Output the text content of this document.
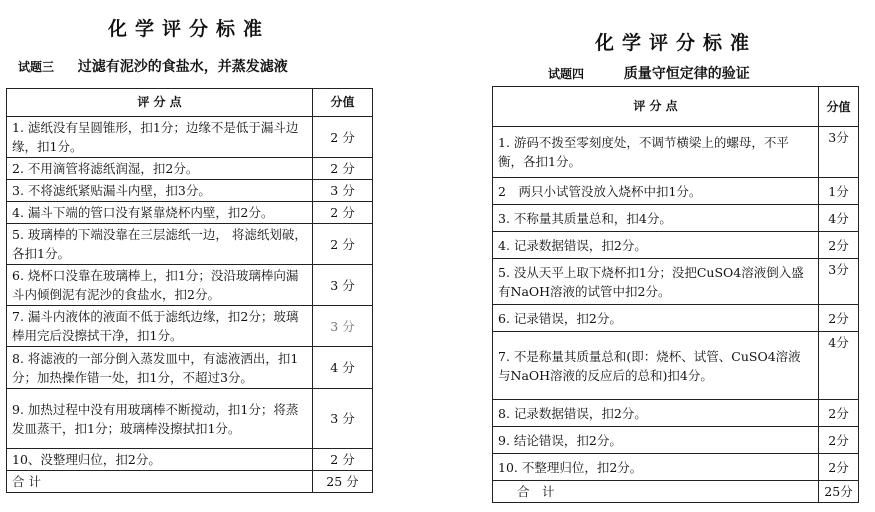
化学评分标准
试题三 过滤有泥沙的食盐水，并蒸发滤液
评 分 点	分值
1. 滤纸没有呈圆锥形，扣1分；边缘不是低于漏斗边缘，扣1分。	2 分
2. 不用滴管将滤纸润湿，扣2分。	2 分
3. 不将滤纸紧贴漏斗内壁，扣3分。	3 分
4. 漏斗下端的管口没有紧靠烧杯内壁，扣2分。	2 分
5. 玻璃棒的下端没靠在三层滤纸一边， 将滤纸划破，各扣1分。	2 分
6. 烧杯口没靠在玻璃棒上，扣1分；没沿玻璃棒向漏斗内倾倒泥有泥沙的食盐水，扣2分。	3 分
7. 漏斗内液体的液面不低于滤纸边缘，扣2分；玻璃棒用完后没擦拭干净，扣1分。	3 分
8. 将滤液的一部分倒入蒸发皿中，有滤液洒出，扣1分；加热操作错一处，扣1分，不超过3分。	4 分
9. 加热过程中没有用玻璃棒不断搅动，扣1分；将蒸发皿蒸干，扣1分；玻璃棒没擦拭扣1分。	3 分
10、没整理归位，扣2分。	2 分
合 计	25 分
化学评分标准
试题四	质量守恒定律的验证
评 分 点	分值
1. 游码不拨至零刻度处，不调节横梁上的螺母，不平衡，各扣1分。	3分
2　两只小试管没放入烧杯中扣1分。	1分
3. 不称量其质量总和，扣4分。	4分
4. 记录数据错误，扣2分。	2分
5. 没从天平上取下烧杯扣1分；没把CuSO4溶液倒入盛有NaOH溶液的试管中扣2分。	3分
6. 记录错误，扣2分。	2分
7. 不是称量其质量总和(即：烧杯、试管、CuSO4溶液与NaOH溶液的反应后的总和)扣4分。	4分
8. 记录数据错误，扣2分。	2分
9. 结论错误，扣2分。	2分
10. 不整理归位，扣2分。	2分
合　计	25分
